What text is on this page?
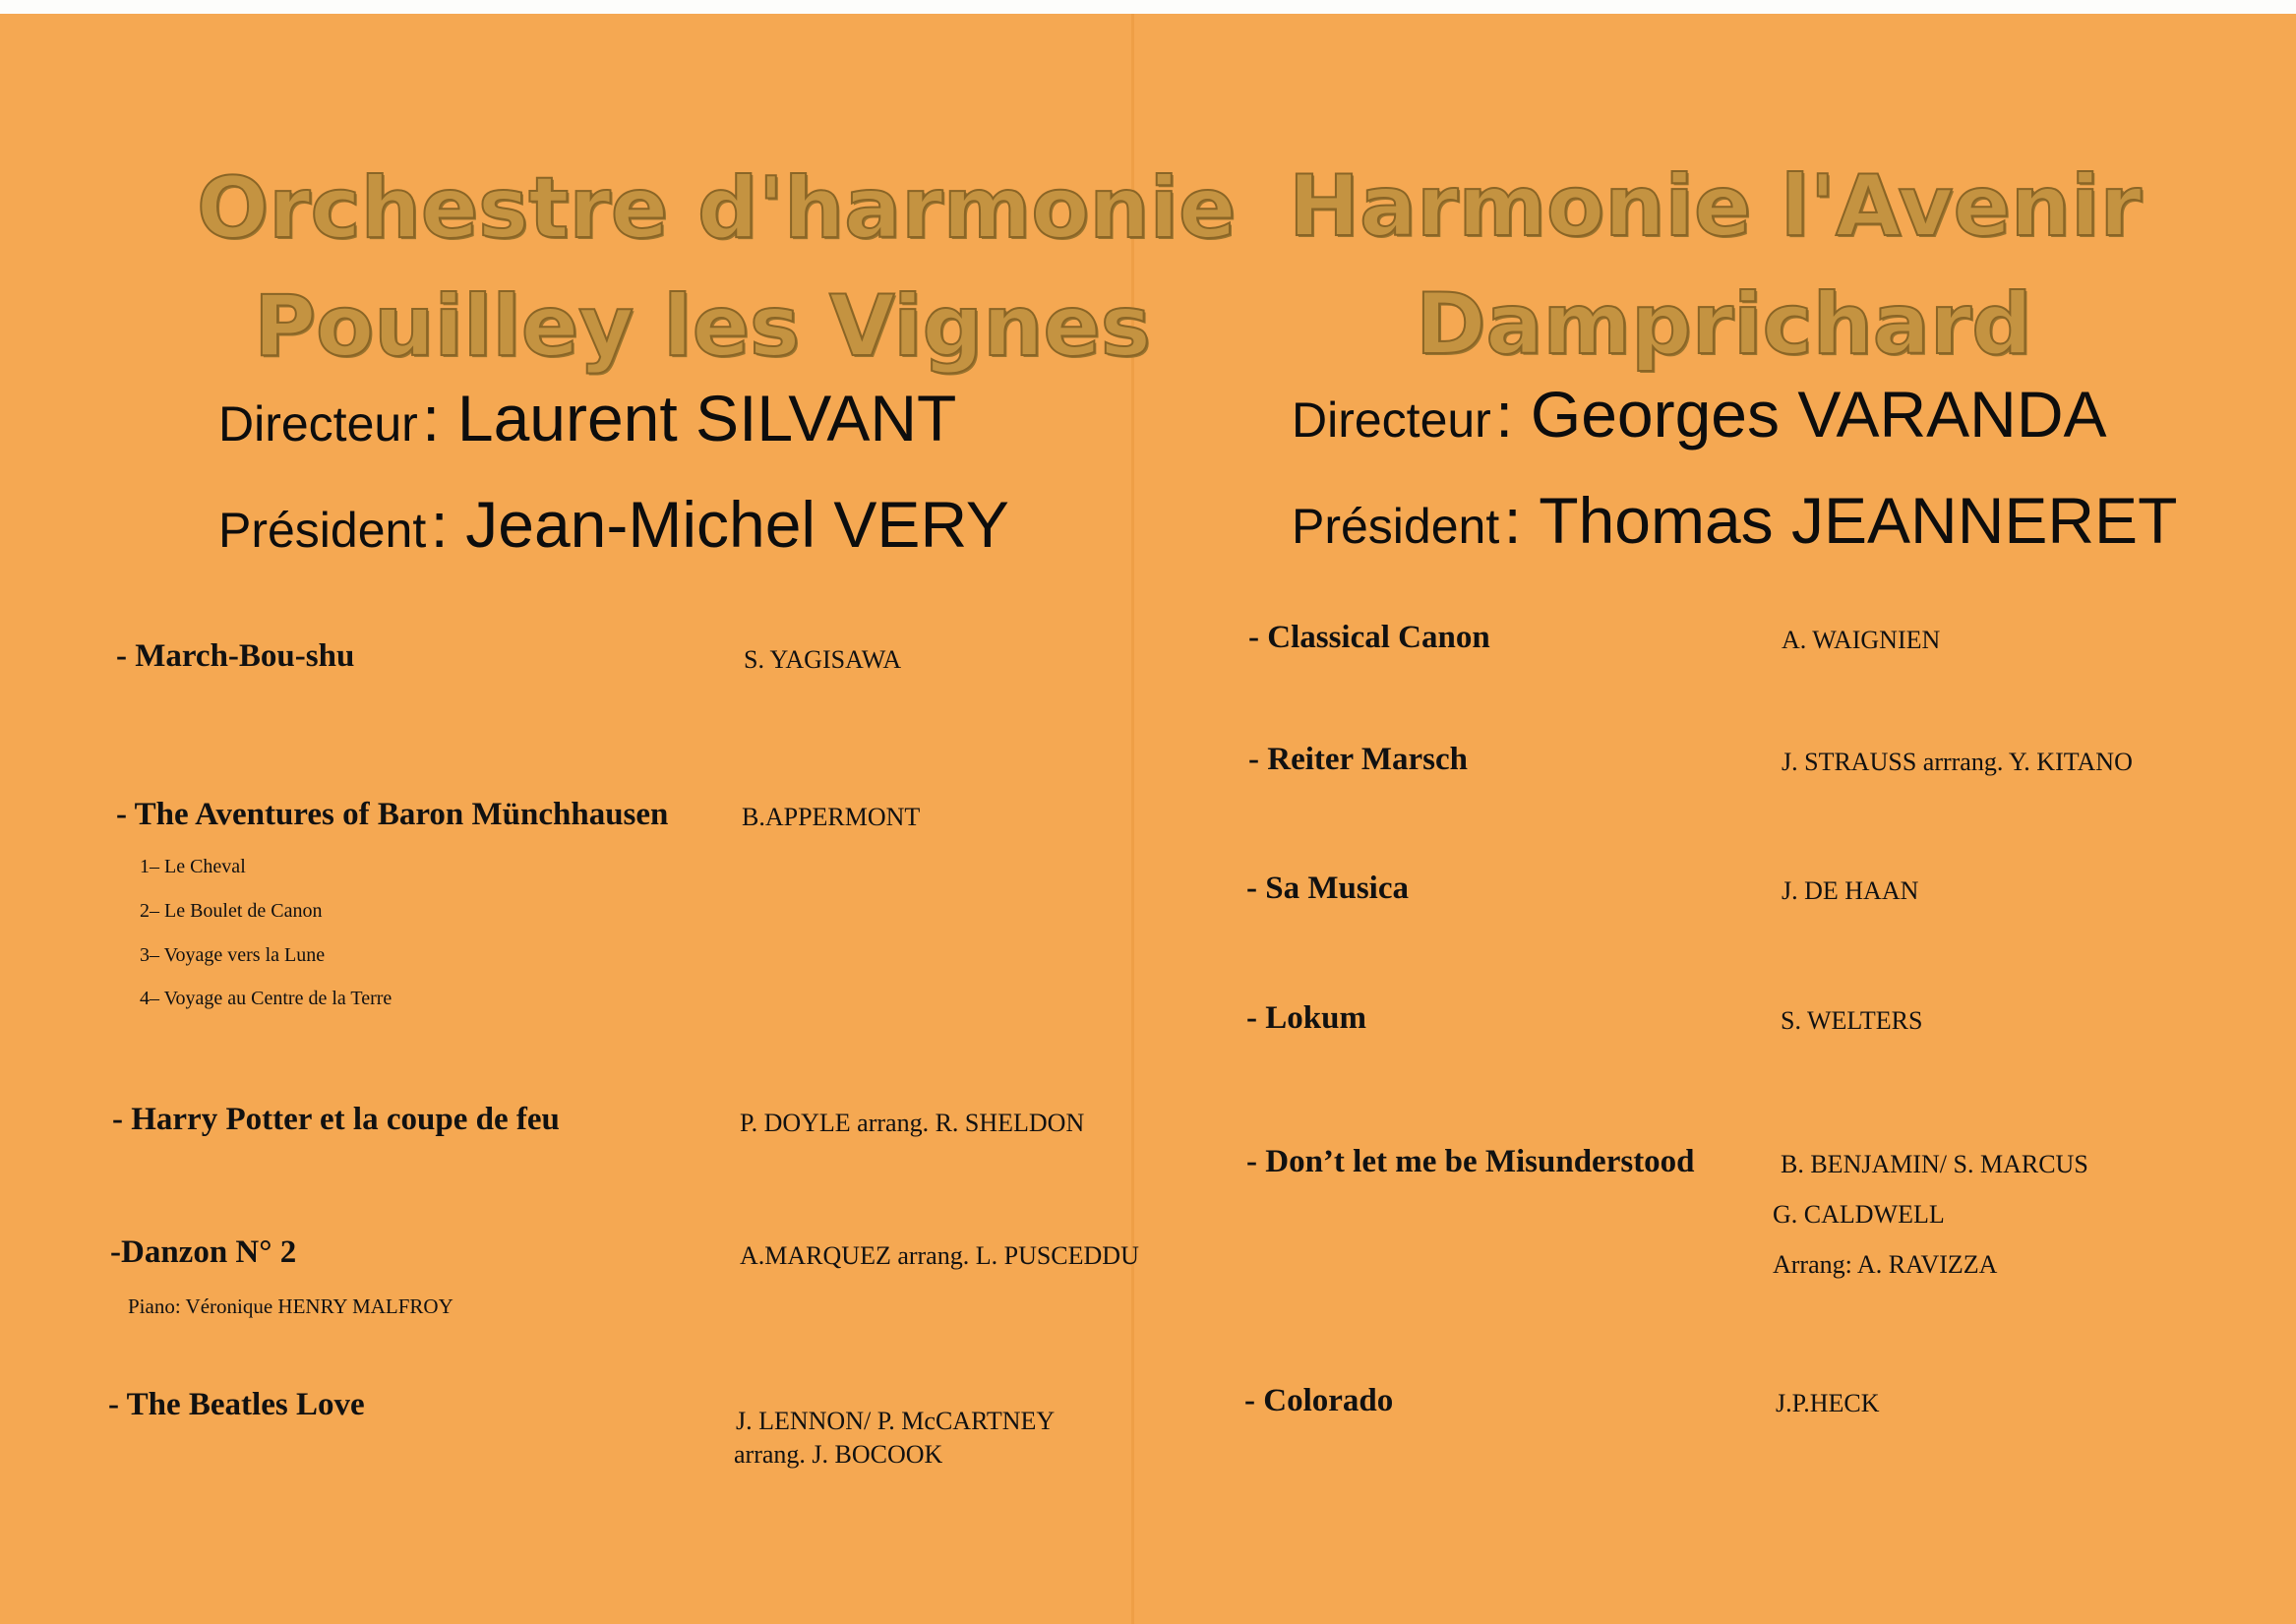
Orchestre d'harmonie
Pouilley les Vignes
Directeur : Laurent SILVANT
Président : Jean-Michel VERY
- March-Bou-shu	S. YAGISAWA
- The Aventures of Baron Münchhausen	B.APPERMONT
1– Le Cheval
2– Le Boulet de Canon
3– Voyage vers la Lune
4– Voyage au Centre de la Terre
- Harry Potter et la coupe de feu	P. DOYLE arrang. R. SHELDON
-Danzon N° 2	A.MARQUEZ arrang. L. PUSCEDDU
Piano: Véronique HENRY MALFROY
- The Beatles Love	J. LENNON/ P. McCARTNEY
arrang. J. BOCOOK
Harmonie l'Avenir
Damprichard
Directeur : Georges VARANDA
Président : Thomas JEANNERET
- Classical Canon	A. WAIGNIEN
- Reiter Marsch	J. STRAUSS arrrang. Y. KITANO
- Sa Musica	J. DE HAAN
- Lokum	S. WELTERS
- Don’t let me be Misunderstood	B. BENJAMIN/ S. MARCUS
G. CALDWELL
Arrang: A. RAVIZZA
- Colorado	J.P.HECK
